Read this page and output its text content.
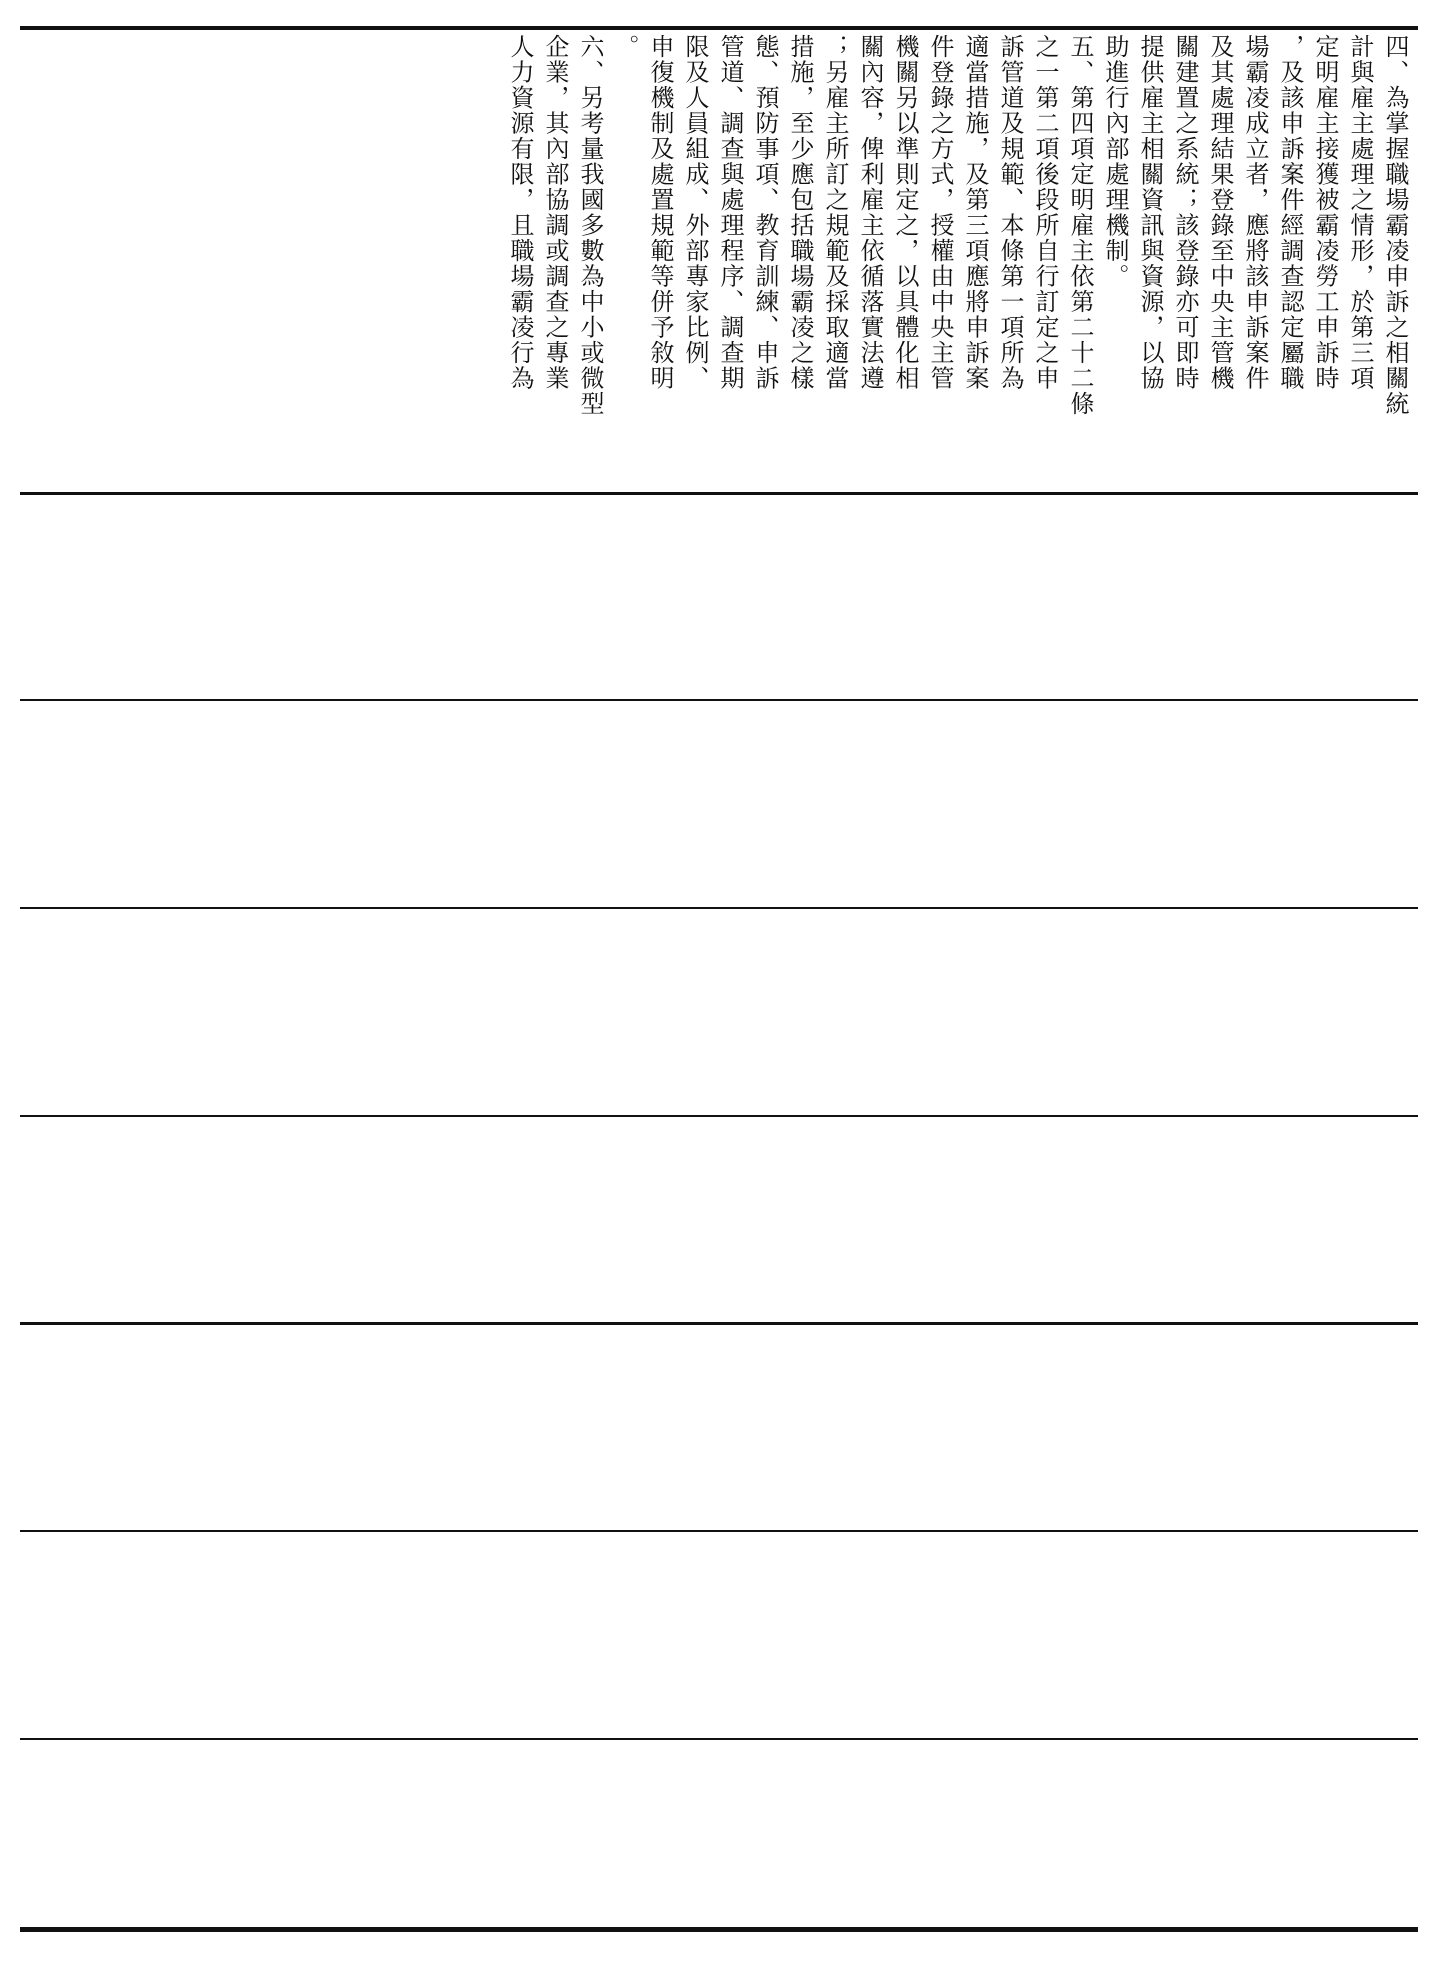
四、為掌握職場霸凌申訴之相關統
計與雇主處理之情形，於第三項
定明雇主接獲被霸凌勞工申訴時
，及該申訴案件經調查認定屬職
場霸凌成立者，應將該申訴案件
及其處理結果登錄至中央主管機
關建置之系統；該登錄亦可即時
提供雇主相關資訊與資源，以協
助進行內部處理機制。
五、第四項定明雇主依第二十二條
之一第二項後段所自行訂定之申
訴管道及規範、本條第一項所為
適當措施，及第三項應將申訴案
件登錄之方式，授權由中央主管
機關另以準則定之，以具體化相
關內容，俾利雇主依循落實法遵
；另雇主所訂之規範及採取適當
措施，至少應包括職場霸凌之樣
態、預防事項、教育訓練、申訴
管道、調查與處理程序、調查期
限及人員組成、外部專家比例、
申復機制及處置規範等併予敘明
。
六、另考量我國多數為中小或微型
企業，其內部協調或調查之專業
人力資源有限，且職場霸凌行為
